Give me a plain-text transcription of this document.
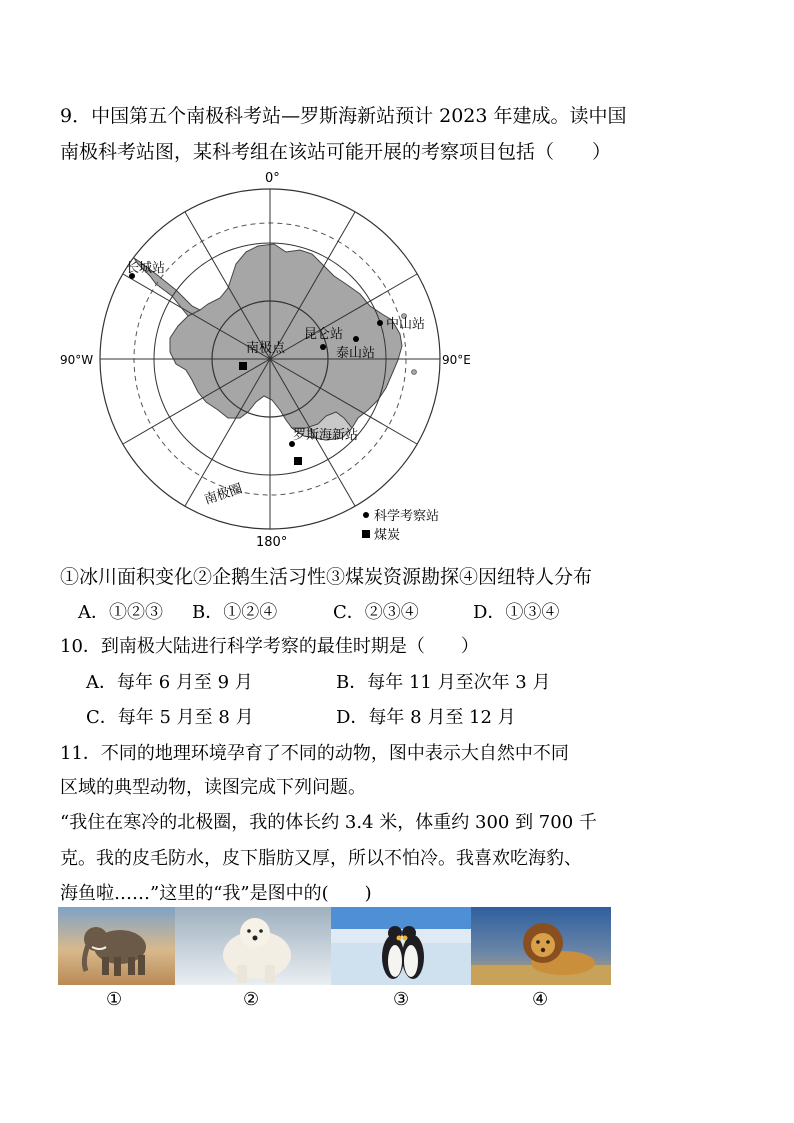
9．中国第五个南极科考站—罗斯海新站预计 2023 年建成。读中国
南极科考站图，某科考组在该站可能开展的考察项目包括（　　）
0°
90°W	90°E
180°
南极点
长城站
中山站
昆仑站
泰山站
罗斯海新站
南极圈
科学考察站
煤炭
①冰川面积变化②企鹅生活习性③煤炭资源勘探④因纽特人分布
A．①②③ B．①②④	C．②③④	D．①③④
10．到南极大陆进行科学考察的最佳时期是（　　）
A．每年 6 月至 9 月	B．每年 11 月至次年 3 月
C．每年 5 月至 8 月	D．每年 8 月至 12 月
11．不同的地理环境孕育了不同的动物，图中表示大自然中不同
区域的典型动物，读图完成下列问题。
“我住在寒冷的北极圈，我的体长约 3.4 米，体重约 300 到 700 千
克。我的皮毛防水，皮下脂肪又厚，所以不怕冷。我喜欢吃海豹、
海鱼啦……”这里的“我”是图中的(　　)
①	②	③	④
